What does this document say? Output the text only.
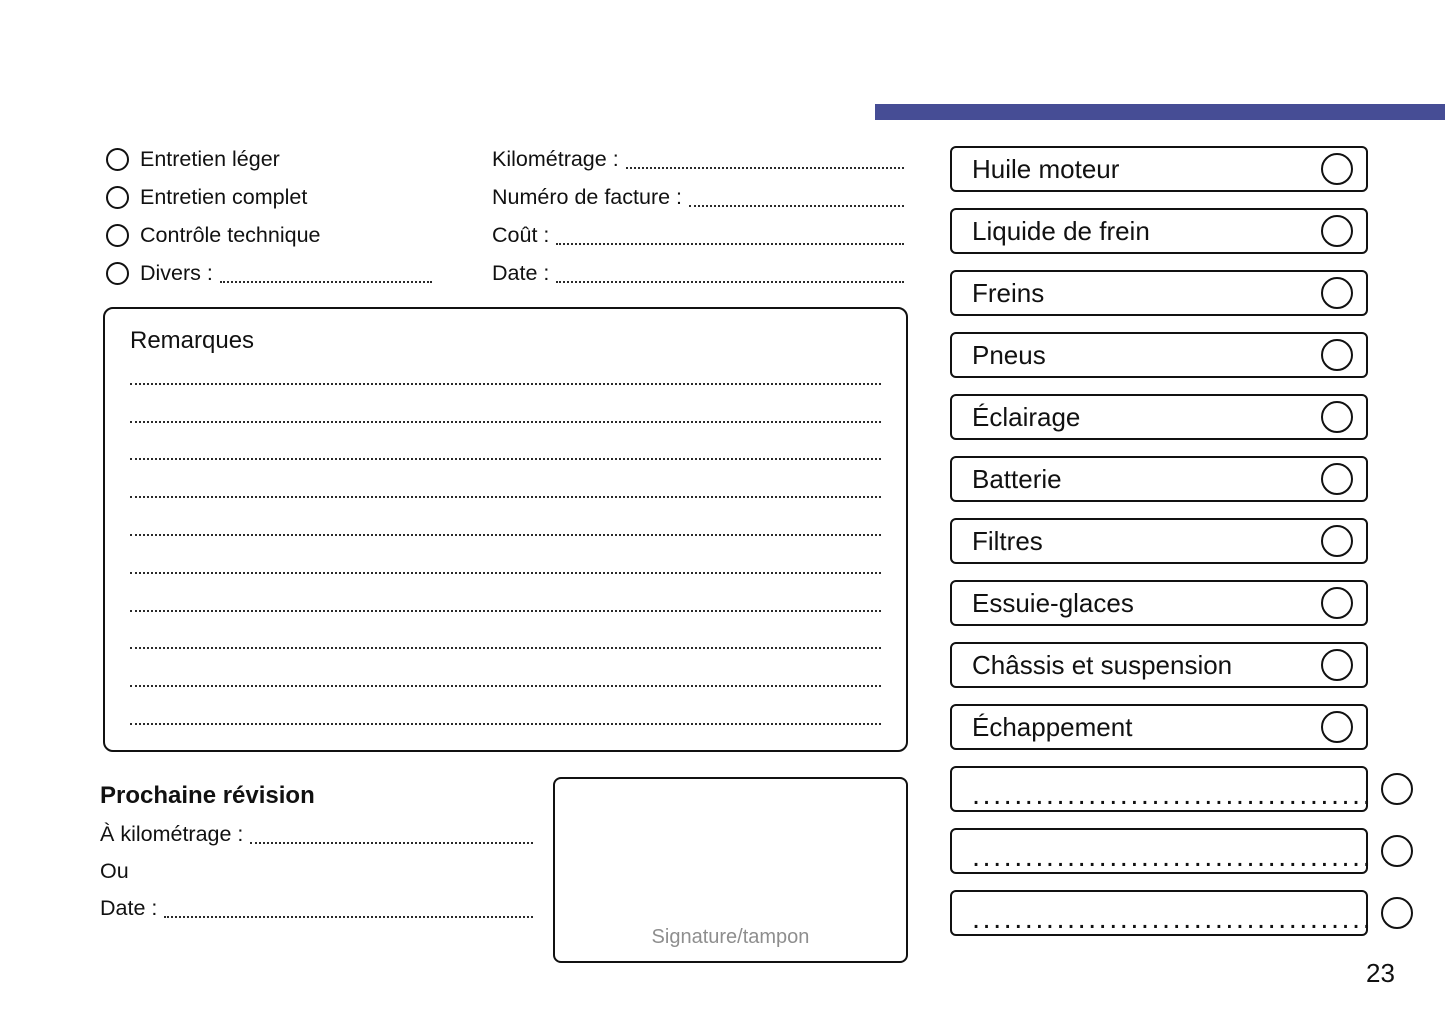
Entretien léger
Entretien complet
Contrôle technique
Divers :
Kilométrage :
Numéro de facture :
Coût :
Date :
Remarques
Prochaine révision
À kilométrage :
Ou
Date :
Signature/tampon
Huile moteur
Liquide de frein
Freins
Pneus
Éclairage
Batterie
Filtres
Essuie-glaces
Châssis et suspension
Échappement
......................................
......................................
......................................
23
